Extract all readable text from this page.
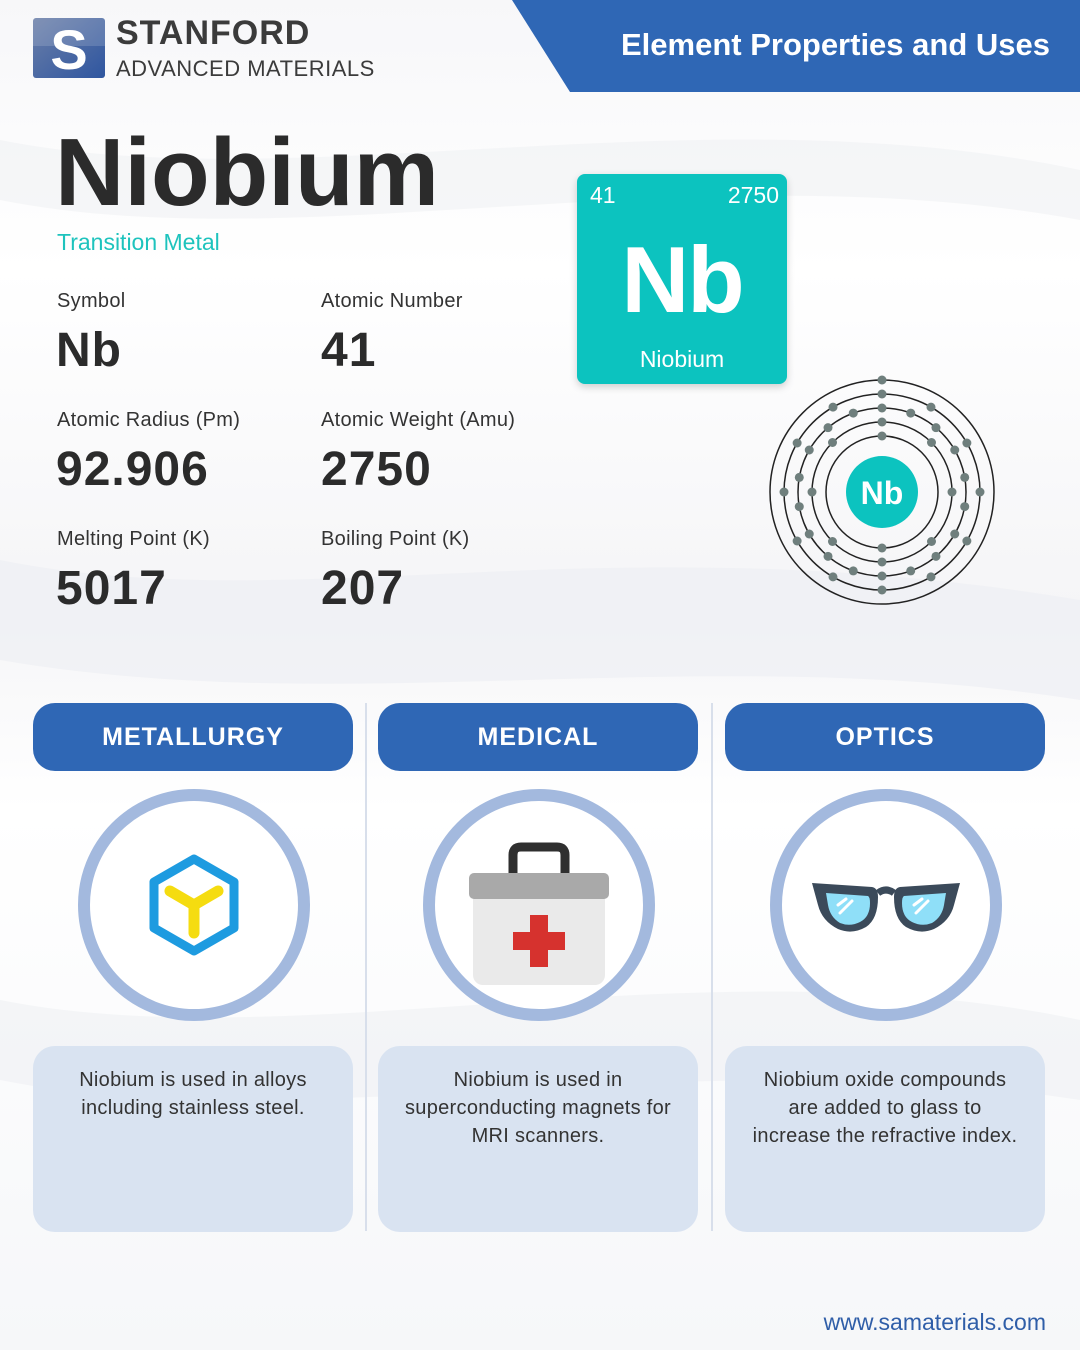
Element Properties and Uses
S STANFORD
ADVANCED MATERIALS
Niobium
Transition Metal
Symbol
Nb
Atomic Number
41
Atomic Radius (Pm)
92.906
Atomic Weight (Amu)
2750
Melting Point (K)
5017
Boiling Point (K)
207
41	2750
Nb
Niobium
Nb
METALLURGY
Niobium is used in alloys including stainless steel.
MEDICAL
Niobium is used in superconducting magnets for MRI scanners.
OPTICS
Niobium oxide compounds are added to glass to increase the refractive index.
www.samaterials.com
